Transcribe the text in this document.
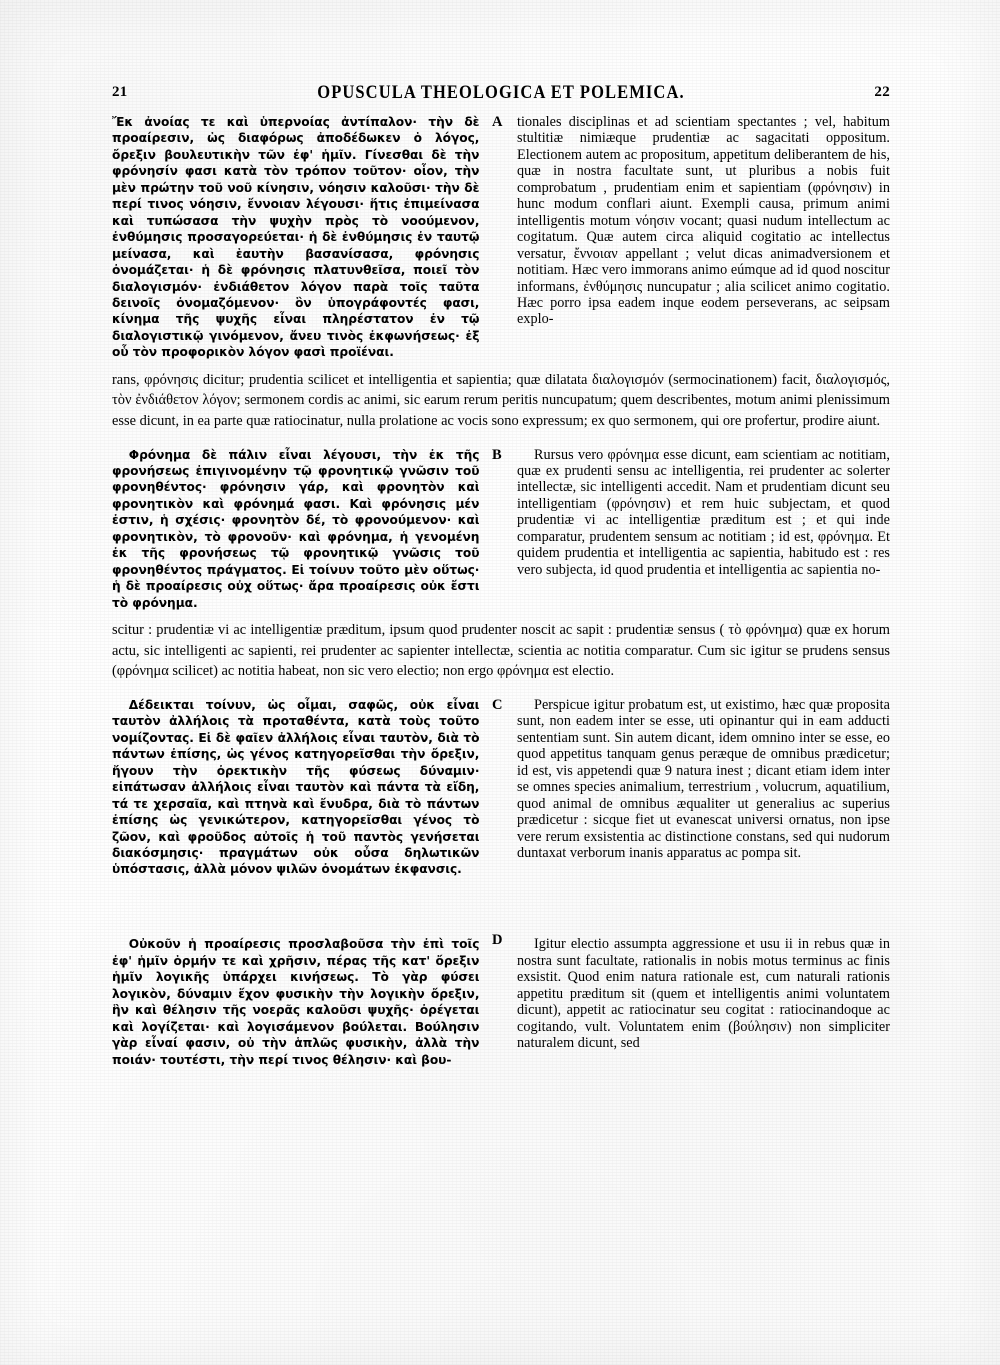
21	OPUSCULA THEOLOGICA ET POLEMICA.	22

Ἔκ ἀνοίας τε καὶ ὑπερνοίας ἀντίπαλον· τὴν δὲ προαίρεσιν, ὡς διαφόρως ἀποδέδωκεν ὁ λόγος, ὄρεξιν βουλευτικὴν τῶν ἐφ' ἡμῖν. Γίνεσθαι δὲ τὴν φρόνησίν φασι κατὰ τὸν τρόπον τοῦτον· οἷον, τὴν μὲν πρώτην τοῦ νοῦ κίνησιν, νόησιν καλοῦσι· τὴν δὲ περί τινος νόησιν, ἔννοιαν λέγουσι· ἥτις ἐπιμείνασα καὶ τυπώσασα τὴν ψυχὴν πρὸς τὸ νοούμενον, ἐνθύμησις προσαγορεύεται· ἡ δὲ ἐνθύμησις ἐν ταυτῷ μείνασα, καὶ ἑαυτὴν βασανίσασα, φρόνησις ὀνομάζεται· ἡ δὲ φρόνησις πλατυνθεῖσα, ποιεῖ τὸν διαλογισμόν· ἐνδιάθετον λόγον παρὰ τοῖς ταῦτα δεινοῖς ὀνομαζόμενον· ὃν ὑπογράφοντές φασι, κίνημα τῆς ψυχῆς εἶναι πληρέστατον ἐν τῷ διαλογιστικῷ γινόμενον, ἄνευ τινὸς ἐκφωνήσεως· ἐξ οὗ τὸν προφορικὸν λόγον φασὶ προϊέναι.

A tionales disciplinas et ad scientiam spectantes ; vel, habitum stultitiæ nimiæque prudentiæ ac sagacitati oppositum. Electionem autem ac propositum, appetitum deliberantem de his, quæ in nostra facultate sunt, ut pluribus a nobis fuit comprobatum , prudentiam enim et sapientiam (φρόνησιν) in hunc modum conflari aiunt. Exempli causa, primum animi intelligentis motum νόησιν vocant; quasi nudum intellectum ac cogitatum. Quæ autem circa aliquid cogitatio ac intellectus versatur, ἔννοιαν appellant ; velut dicas animadversionem et notitiam. Hæc vero immorans animo eúmque ad id quod noscitur informans, ἐνθύμησις nuncupatur ; alia scilicet animo cogitatio. Hæc porro ipsa eadem inque eodem perseverans, ac seipsam explo-

rans, φρόνησις dicitur; prudentia scilicet et intelligentia et sapientia; quæ dilatata διαλογισμόν (sermocinationem) facit, διαλογισμός, τὸν ἐνδιάθετον λόγον; sermonem cordis ac animi, sic earum rerum peritis nuncupatum; quem describentes, motum animi plenissimum esse dicunt, in ea parte quæ ratiocinatur, nulla prolatione ac vocis sono expressum; ex quo sermonem, qui ore profertur, prodire aiunt.

Φρόνημα δὲ πάλιν εἶναι λέγουσι, τὴν ἐκ τῆς φρονήσεως ἐπιγινομένην τῷ φρονητικῷ γνῶσιν τοῦ φρονηθέντος· φρόνησιν γάρ, καὶ φρονητὸν καὶ φρονητικὸν καὶ φρόνημά φασι. Καὶ φρόνησις μέν ἐστιν, ἡ σχέσις· φρονητὸν δέ, τὸ φρονούμενον· καὶ φρονητικὸν, τὸ φρονοῦν· καὶ φρόνημα, ἡ γενομένη ἐκ τῆς φρονήσεως τῷ φρονητικῷ γνῶσις τοῦ φρονηθέντος πράγματος. Εἰ τοίνυν τοῦτο μὲν οὕτως· ἡ δὲ προαίρεσις οὐχ οὕτως· ἄρα προαίρεσις οὐκ ἔστι τὸ φρόνημα.

B	Rursus vero φρόνημα esse dicunt, eam scientiam ac notitiam, quæ ex prudenti sensu ac intelligentia, rei prudenter ac solerter intellectæ, sic intelligenti accedit. Nam et prudentiam dicunt seu intelligentiam (φρόνησιν) et rem huic subjectam, et quod prudentiæ vi ac intelligentiæ præditum est ; et qui inde comparatur, prudentem sensum ac notitiam ; id est, φρόνημα. Et quidem prudentia et intelligentia ac sapientia, habitudo est : res vero subjecta, id quod prudentia et intelligentia ac sapientia no-

scitur : prudentiæ vi ac intelligentiæ præditum, ipsum quod prudenter noscit ac sapit : prudentiæ sensus ( τὸ φρόνημα) quæ ex horum actu, sic intelligenti ac sapienti, rei prudenter ac sapienter intellectæ, scientia ac notitia comparatur. Cum sic igitur se prudens sensus (φρόνημα scilicet) ac notitia habeat, non sic vero electio; non ergo φρόνημα est electio.

Δέδεικται τοίνυν, ὡς οἶμαι, σαφῶς, οὐκ εἶναι ταυτὸν ἀλλήλοις τὰ προταθέντα, κατὰ τοὺς τοῦτο νομίζοντας. Εἰ δὲ φαῖεν ἀλλήλοις εἶναι ταυτὸν, διὰ τὸ πάντων ἐπίσης, ὡς γένος κατηγορεῖσθαι τὴν ὄρεξιν, ἤγουν τὴν ὀρεκτικὴν τῆς φύσεως δύναμιν· εἰπάτωσαν ἀλλήλοις εἶναι ταυτὸν καὶ πάντα τὰ εἴδη, τά τε χερσαῖα, καὶ πτηνὰ καὶ ἔνυδρα, διὰ τὸ πάντων ἐπίσης ὡς γενικώτερον, κατηγορεῖσθαι γένος τὸ ζῶον, καὶ φροῦδος αὐτοῖς ἡ τοῦ παντὸς γενήσεται διακόσμησις· πραγμάτων οὐκ οὖσα δηλωτικῶν ὑπόστασις, ἀλλὰ μόνον ψιλῶν ὀνομάτων ἐκφανσις.

C	Perspicue igitur probatum est, ut existimo, hæc quæ proposita sunt, non eadem inter se esse, uti opinantur qui in eam adducti sententiam sunt. Sin autem dicant, idem omnino inter se esse, eo quod appetitus tanquam genus peræque de omnibus prædicetur; id est, vis appetendi quæ 9 natura inest ; dicant etiam idem inter se omnes species animalium, terrestrium , volucrum, aquatilium, quod animal de omnibus æqualiter ut generalius ac superius prædicetur : sicque fiet ut evanescat universi ornatus, non ipse vere rerum exsistentia ac distinctione constans, sed qui nudorum duntaxat verborum inanis apparatus ac pompa sit.

D

Οὐκοῦν ἡ προαίρεσις προσλαβοῦσα τὴν ἐπὶ τοῖς ἐφ' ἡμῖν ὁρμήν τε καὶ χρῆσιν, πέρας τῆς κατ' ὄρεξιν ἡμῖν λογικῆς ὑπάρχει κινήσεως. Τὸ γὰρ φύσει λογικὸν, δύναμιν ἔχον φυσικὴν τὴν λογικὴν ὄρεξιν, ἣν καὶ θέλησιν τῆς νοερᾶς καλοῦσι ψυχῆς· ὀρέγεται καὶ λογίζεται· καὶ λογισάμενον βούλεται. Βούλησιν γὰρ εἶναί φασιν, οὐ τὴν ἁπλῶς φυσικὴν, ἀλλὰ τὴν ποιάν· τουτέστι, τὴν περί τινος θέλησιν· καὶ βου-

Igitur electio assumpta aggressione et usu ii in rebus quæ in nostra sunt facultate, rationalis in nobis motus terminus ac finis exsistit. Quod enim natura rationale est, cum naturali rationis appetitu præditum sit (quem et intelligentis animi voluntatem dicunt), appetit ac ratiocinatur seu cogitat : ratiocinandoque ac cogitando, vult. Voluntatem enim (βούλησιν) non simpliciter naturalem dicunt, sed
